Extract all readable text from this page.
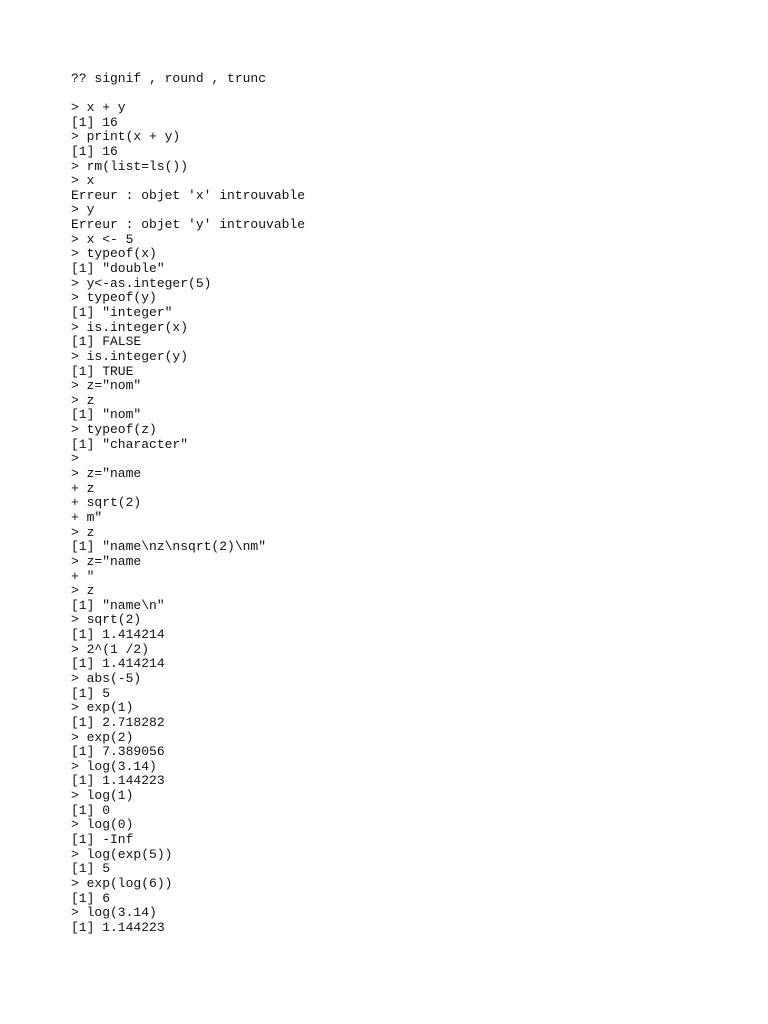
?? signif , round , trunc
> x + y
[1] 16
> print(x + y)
[1] 16
> rm(list=ls())
> x
Erreur : objet 'x' introuvable
> y
Erreur : objet 'y' introuvable
> x <- 5
> typeof(x)
[1] "double"
> y<-as.integer(5)
> typeof(y)
[1] "integer"
> is.integer(x)
[1] FALSE
> is.integer(y)
[1] TRUE
> z="nom"
> z
[1] "nom"
> typeof(z)
[1] "character"
>
> z="name
+ z
+ sqrt(2)
+ m"
> z
[1] "name\nz\nsqrt(2)\nm"
> z="name
+ "
> z
[1] "name\n"
> sqrt(2)
[1] 1.414214
> 2^(1 /2)
[1] 1.414214
> abs(-5)
[1] 5
> exp(1)
[1] 2.718282
> exp(2)
[1] 7.389056
> log(3.14)
[1] 1.144223
> log(1)
[1] 0
> log(0)
[1] -Inf
> log(exp(5))
[1] 5
> exp(log(6))
[1] 6
> log(3.14)
[1] 1.144223
